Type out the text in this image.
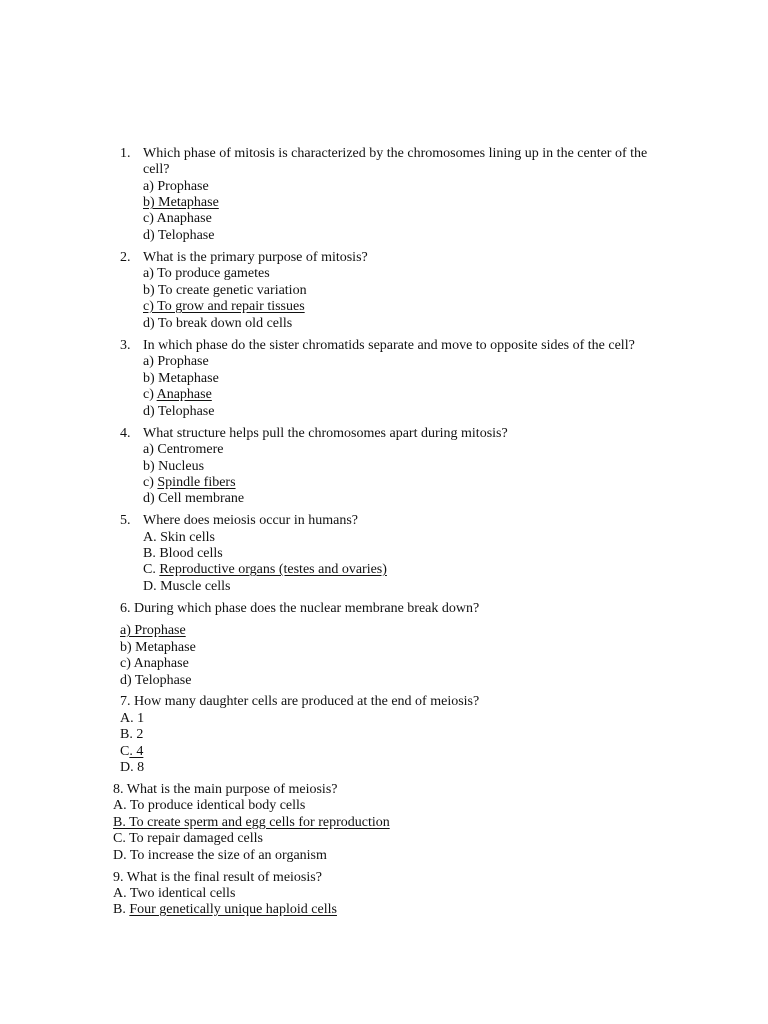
1. Which phase of mitosis is characterized by the chromosomes lining up in the center of the
cell?
a) Prophase
b) Metaphase
c) Anaphase
d) Telophase
2. What is the primary purpose of mitosis?
a) To produce gametes
b) To create genetic variation
c) To grow and repair tissues
d) To break down old cells
3. In which phase do the sister chromatids separate and move to opposite sides of the cell?
a) Prophase
b) Metaphase
c) Anaphase
d) Telophase
4. What structure helps pull the chromosomes apart during mitosis?
a) Centromere
b) Nucleus
c) Spindle fibers
d) Cell membrane
5. Where does meiosis occur in humans?
A. Skin cells
B. Blood cells
C. Reproductive organs (testes and ovaries)
D. Muscle cells
6. During which phase does the nuclear membrane break down?
a) Prophase
b) Metaphase
c) Anaphase
d) Telophase
7. How many daughter cells are produced at the end of meiosis?
A. 1
B. 2
C. 4
D. 8
8. What is the main purpose of meiosis?
A. To produce identical body cells
B. To create sperm and egg cells for reproduction
C. To repair damaged cells
D. To increase the size of an organism
9. What is the final result of meiosis?
A. Two identical cells
B. Four genetically unique haploid cells
